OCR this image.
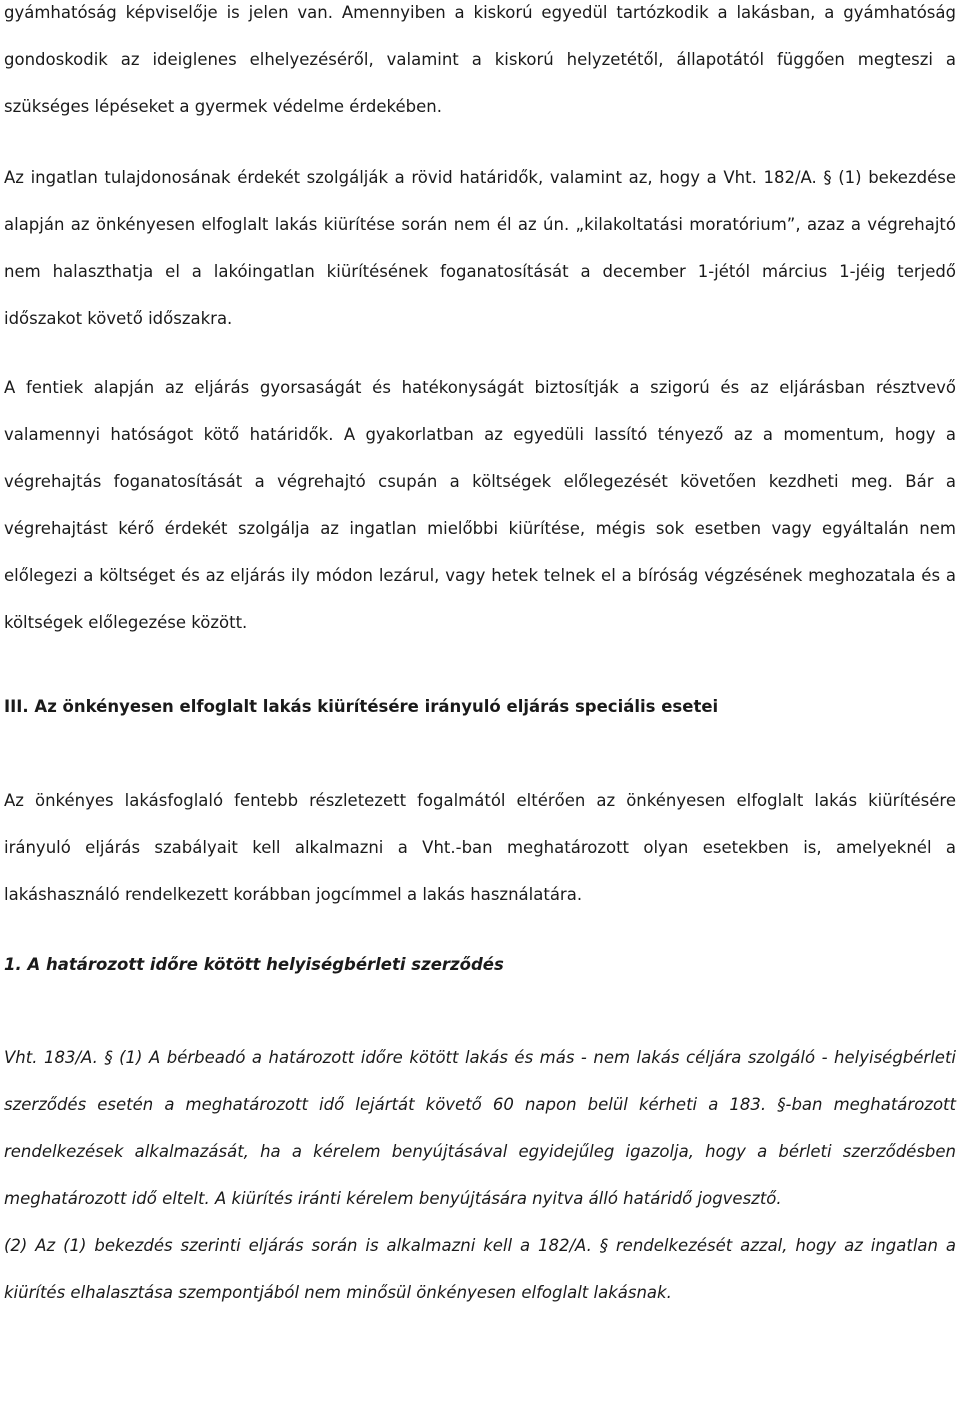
gyámhatóság képviselője is jelen van. Amennyiben a kiskorú egyedül tartózkodik a lakásban, a gyámhatóság gondoskodik az ideiglenes elhelyezéséről, valamint a kiskorú helyzetétől, állapotától függően megteszi a szükséges lépéseket a gyermek védelme érdekében.

Az ingatlan tulajdonosának érdekét szolgálják a rövid határidők, valamint az, hogy a Vht. 182/A. § (1) bekezdése alapján az önkényesen elfoglalt lakás kiürítése során nem él az ún. „kilakoltatási moratórium”, azaz a végrehajtó nem halaszthatja el a lakóingatlan kiürítésének foganatosítását a december 1-jétól március 1-jéig terjedő időszakot követő időszakra.

A fentiek alapján az eljárás gyorsaságát és hatékonyságát biztosítják a szigorú és az eljárásban résztvevő valamennyi hatóságot kötő határidők. A gyakorlatban az egyedüli lassító tényező az a momentum, hogy a végrehajtás foganatosítását a végrehajtó csupán a költségek előlegezését követően kezdheti meg. Bár a végrehajtást kérő érdekét szolgálja az ingatlan mielőbbi kiürítése, mégis sok esetben vagy egyáltalán nem előlegezi a költséget és az eljárás ily módon lezárul, vagy hetek telnek el a bíróság végzésének meghozatala és a költségek előlegezése között.

III. Az önkényesen elfoglalt lakás kiürítésére irányuló eljárás speciális esetei

Az önkényes lakásfoglaló fentebb részletezett fogalmától eltérően az önkényesen elfoglalt lakás kiürítésére irányuló eljárás szabályait kell alkalmazni a Vht.-ban meghatározott olyan esetekben is, amelyeknél a lakáshasználó rendelkezett korábban jogcímmel a lakás használatára.

1. A határozott időre kötött helyiségbérleti szerződés

Vht. 183/A. § (1) A bérbeadó a határozott időre kötött lakás és más - nem lakás céljára szolgáló - helyiségbérleti szerződés esetén a meghatározott idő lejártát követő 60 napon belül kérheti a 183. §-ban meghatározott rendelkezések alkalmazását, ha a kérelem benyújtásával egyidejűleg igazolja, hogy a bérleti szerződésben meghatározott idő eltelt. A kiürítés iránti kérelem benyújtására nyitva álló határidő jogvesztő.

(2) Az (1) bekezdés szerinti eljárás során is alkalmazni kell a 182/A. § rendelkezését azzal, hogy az ingatlan a kiürítés elhalasztása szempontjából nem minősül önkényesen elfoglalt lakásnak.
